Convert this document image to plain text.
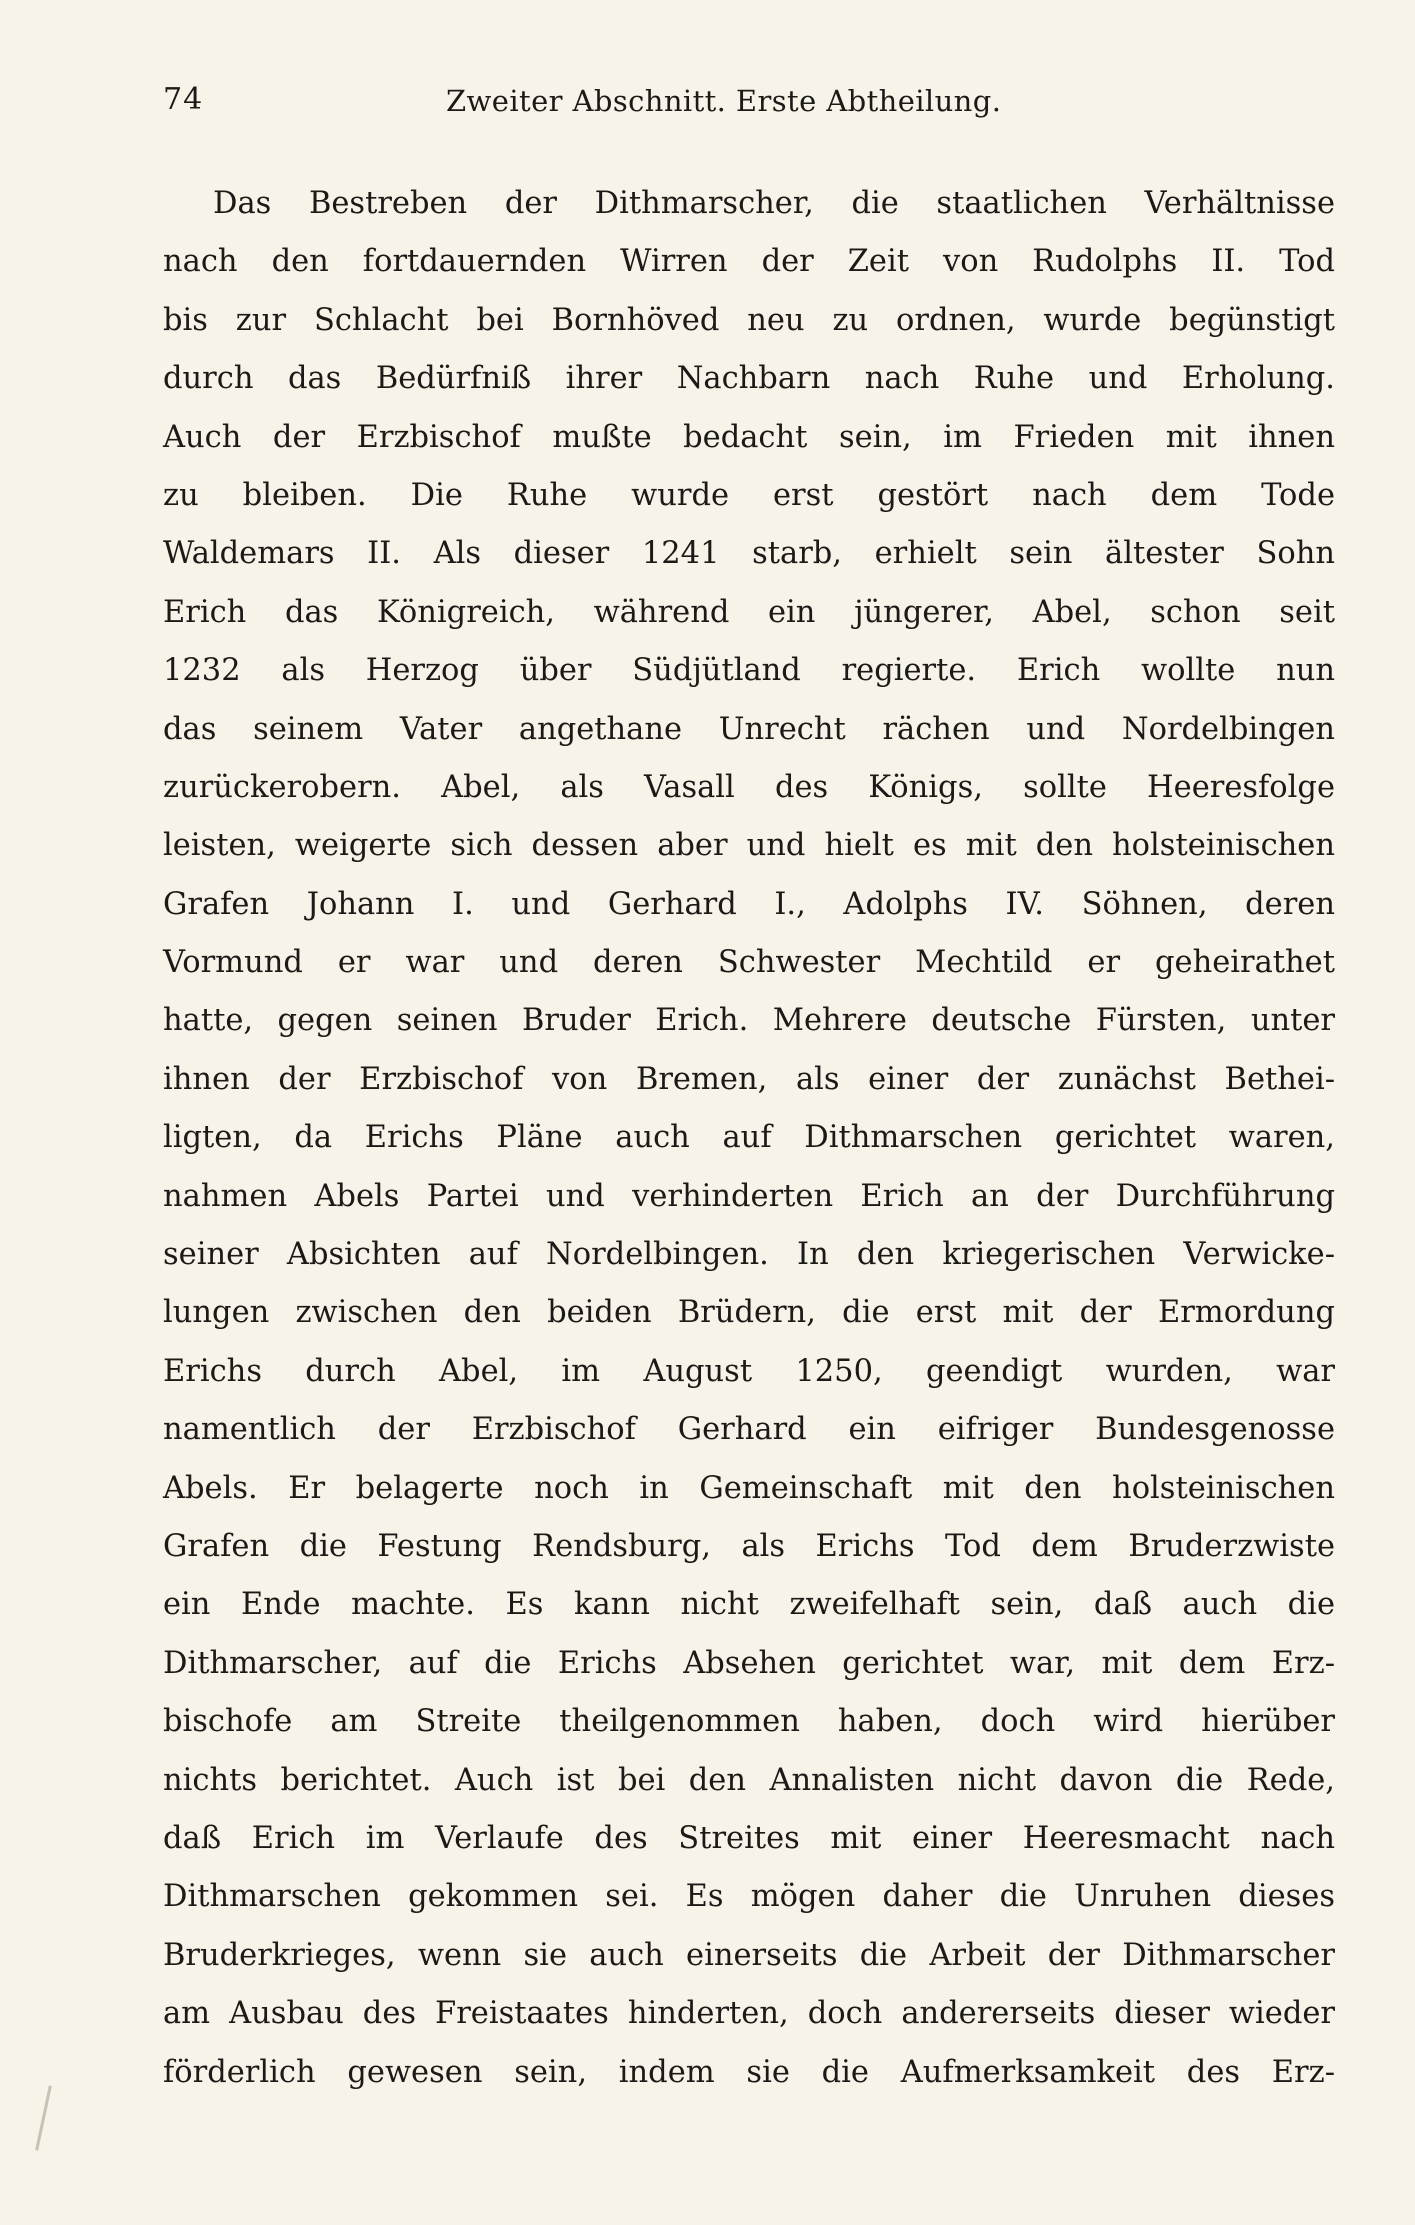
74	Zweiter Abschnitt. Erste Abtheilung.
Das Bestreben der Dithmarscher, die staatlichen Verhältnisse
nach den fortdauernden Wirren der Zeit von Rudolphs II. Tod
bis zur Schlacht bei Bornhöved neu zu ordnen, wurde begünstigt
durch das Bedürfniß ihrer Nachbarn nach Ruhe und Erholung.
Auch der Erzbischof mußte bedacht sein, im Frieden mit ihnen
zu bleiben. Die Ruhe wurde erst gestört nach dem Tode
Waldemars II. Als dieser 1241 starb, erhielt sein ältester Sohn
Erich das Königreich, während ein jüngerer, Abel, schon seit
1232 als Herzog über Südjütland regierte. Erich wollte nun
das seinem Vater angethane Unrecht rächen und Nordelbingen
zurückerobern. Abel, als Vasall des Königs, sollte Heeresfolge
leisten, weigerte sich dessen aber und hielt es mit den holsteinischen
Grafen Johann I. und Gerhard I., Adolphs IV. Söhnen, deren
Vormund er war und deren Schwester Mechtild er geheirathet
hatte, gegen seinen Bruder Erich. Mehrere deutsche Fürsten, unter
ihnen der Erzbischof von Bremen, als einer der zunächst Bethei-
ligten, da Erichs Pläne auch auf Dithmarschen gerichtet waren,
nahmen Abels Partei und verhinderten Erich an der Durchführung
seiner Absichten auf Nordelbingen. In den kriegerischen Verwicke-
lungen zwischen den beiden Brüdern, die erst mit der Ermordung
Erichs durch Abel, im August 1250, geendigt wurden, war
namentlich der Erzbischof Gerhard ein eifriger Bundesgenosse
Abels. Er belagerte noch in Gemeinschaft mit den holsteinischen
Grafen die Festung Rendsburg, als Erichs Tod dem Bruderzwiste
ein Ende machte. Es kann nicht zweifelhaft sein, daß auch die
Dithmarscher, auf die Erichs Absehen gerichtet war, mit dem Erz-
bischofe am Streite theilgenommen haben, doch wird hierüber
nichts berichtet. Auch ist bei den Annalisten nicht davon die Rede,
daß Erich im Verlaufe des Streites mit einer Heeresmacht nach
Dithmarschen gekommen sei. Es mögen daher die Unruhen dieses
Bruderkrieges, wenn sie auch einerseits die Arbeit der Dithmarscher
am Ausbau des Freistaates hinderten, doch andererseits dieser wieder
förderlich gewesen sein, indem sie die Aufmerksamkeit des Erz-
